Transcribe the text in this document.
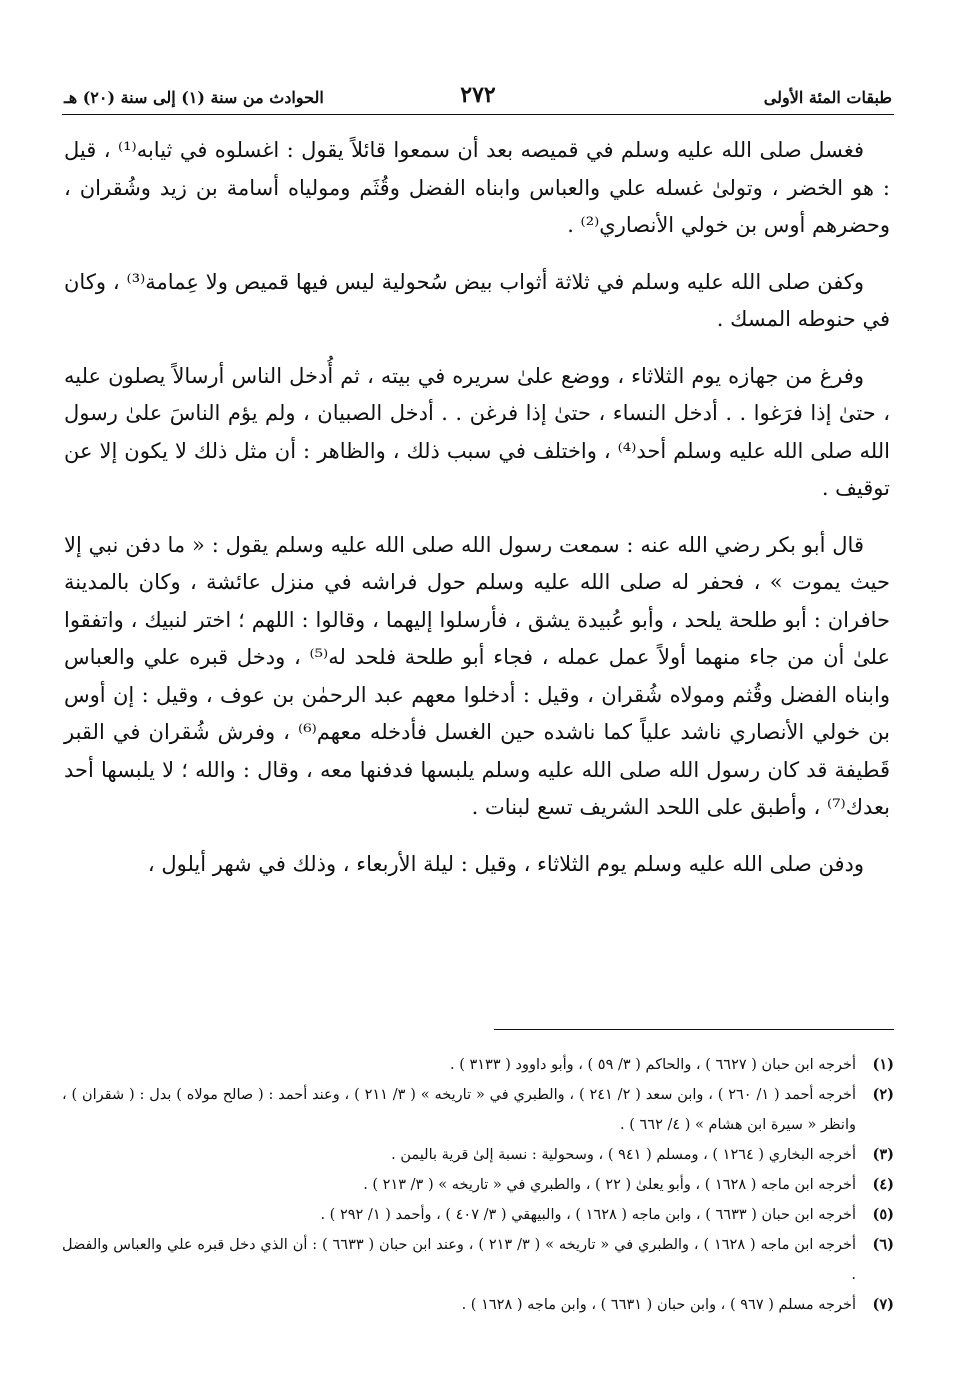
طبقات المئة الأولى
٢٧٢
الحوادث من سنة (١) إلى سنة (٢٠) هـ

فغسل صلى الله عليه وسلم في قميصه بعد أن سمعوا قائلاً يقول : اغسلوه في ثيابه⁽¹⁾ ، قيل : هو الخضر ، وتولىٰ غسله علي والعباس وابناه الفضل وقُثَم ومولياه أسامة بن زيد وشُقران ، وحضرهم أوس بن خولي الأنصاري⁽²⁾ .

وكفن صلى الله عليه وسلم في ثلاثة أثواب بيض سُحولية ليس فيها قميص ولا عِمامة⁽³⁾ ، وكان في حنوطه المسك .

وفرغ من جهازه يوم الثلاثاء ، ووضع علىٰ سريره في بيته ، ثم أُدخل الناس أرسالاً يصلون عليه ، حتىٰ إذا فرَغوا . . أدخل النساء ، حتىٰ إذا فرغن . . أدخل الصبيان ، ولم يؤم الناسَ علىٰ رسول الله صلى الله عليه وسلم أحد⁽⁴⁾ ، واختلف في سبب ذلك ، والظاهر : أن مثل ذلك لا يكون إلا عن توقيف .

قال أبو بكر رضي الله عنه : سمعت رسول الله صلى الله عليه وسلم يقول : « ما دفن نبي إلا حيث يموت » ، فحفر له صلى الله عليه وسلم حول فراشه في منزل عائشة ، وكان بالمدينة حافران : أبو طلحة يلحد ، وأبو عُبيدة يشق ، فأرسلوا إليهما ، وقالوا : اللهم ؛ اختر لنبيك ، واتفقوا علىٰ أن من جاء منهما أولاً عمل عمله ، فجاء أبو طلحة فلحد له⁽⁵⁾ ، ودخل قبره علي والعباس وابناه الفضل وقُثم ومولاه شُقران ، وقيل : أدخلوا معهم عبد الرحمٰن بن عوف ، وقيل : إن أوس بن خولي الأنصاري ناشد علياً كما ناشده حين الغسل فأدخله معهم⁽⁶⁾ ، وفرش شُقران في القبر قَطيفة قد كان رسول الله صلى الله عليه وسلم يلبسها فدفنها معه ، وقال : والله ؛ لا يلبسها أحد بعدك⁽⁷⁾ ، وأطبق على اللحد الشريف تسع لبنات .

ودفن صلى الله عليه وسلم يوم الثلاثاء ، وقيل : ليلة الأربعاء ، وذلك في شهر أيلول ،

(١)
أخرجه ابن حبان ( ٦٦٢٧ ) ، والحاكم ( ٣/ ٥٩ ) ، وأبو داوود ( ٣١٣٣ ) .
(٢)
أخرجه أحمد ( ١/ ٢٦٠ ) ، وابن سعد ( ٢/ ٢٤١ ) ، والطبري في « تاريخه » ( ٣/ ٢١١ ) ، وعند أحمد : ( صالح مولاه ) بدل : ( شقران ) ، وانظر « سيرة ابن هشام » ( ٤/ ٦٦٢ ) .
(٣)
أخرجه البخاري ( ١٢٦٤ ) ، ومسلم ( ٩٤١ ) ، وسحولية : نسبة إلىٰ قرية باليمن .
(٤)
أخرجه ابن ماجه ( ١٦٢٨ ) ، وأبو يعلىٰ ( ٢٢ ) ، والطبري في « تاريخه » ( ٣/ ٢١٣ ) .
(٥)
أخرجه ابن حبان ( ٦٦٣٣ ) ، وابن ماجه ( ١٦٢٨ ) ، والبيهقي ( ٣/ ٤٠٧ ) ، وأحمد ( ١/ ٢٩٢ ) .
(٦)
أخرجه ابن ماجه ( ١٦٢٨ ) ، والطبري في « تاريخه » ( ٣/ ٢١٣ ) ، وعند ابن حبان ( ٦٦٣٣ ) : أن الذي دخل قبره علي والعباس والفضل .
(٧)
أخرجه مسلم ( ٩٦٧ ) ، وابن حبان ( ٦٦٣١ ) ، وابن ماجه ( ١٦٢٨ ) .
